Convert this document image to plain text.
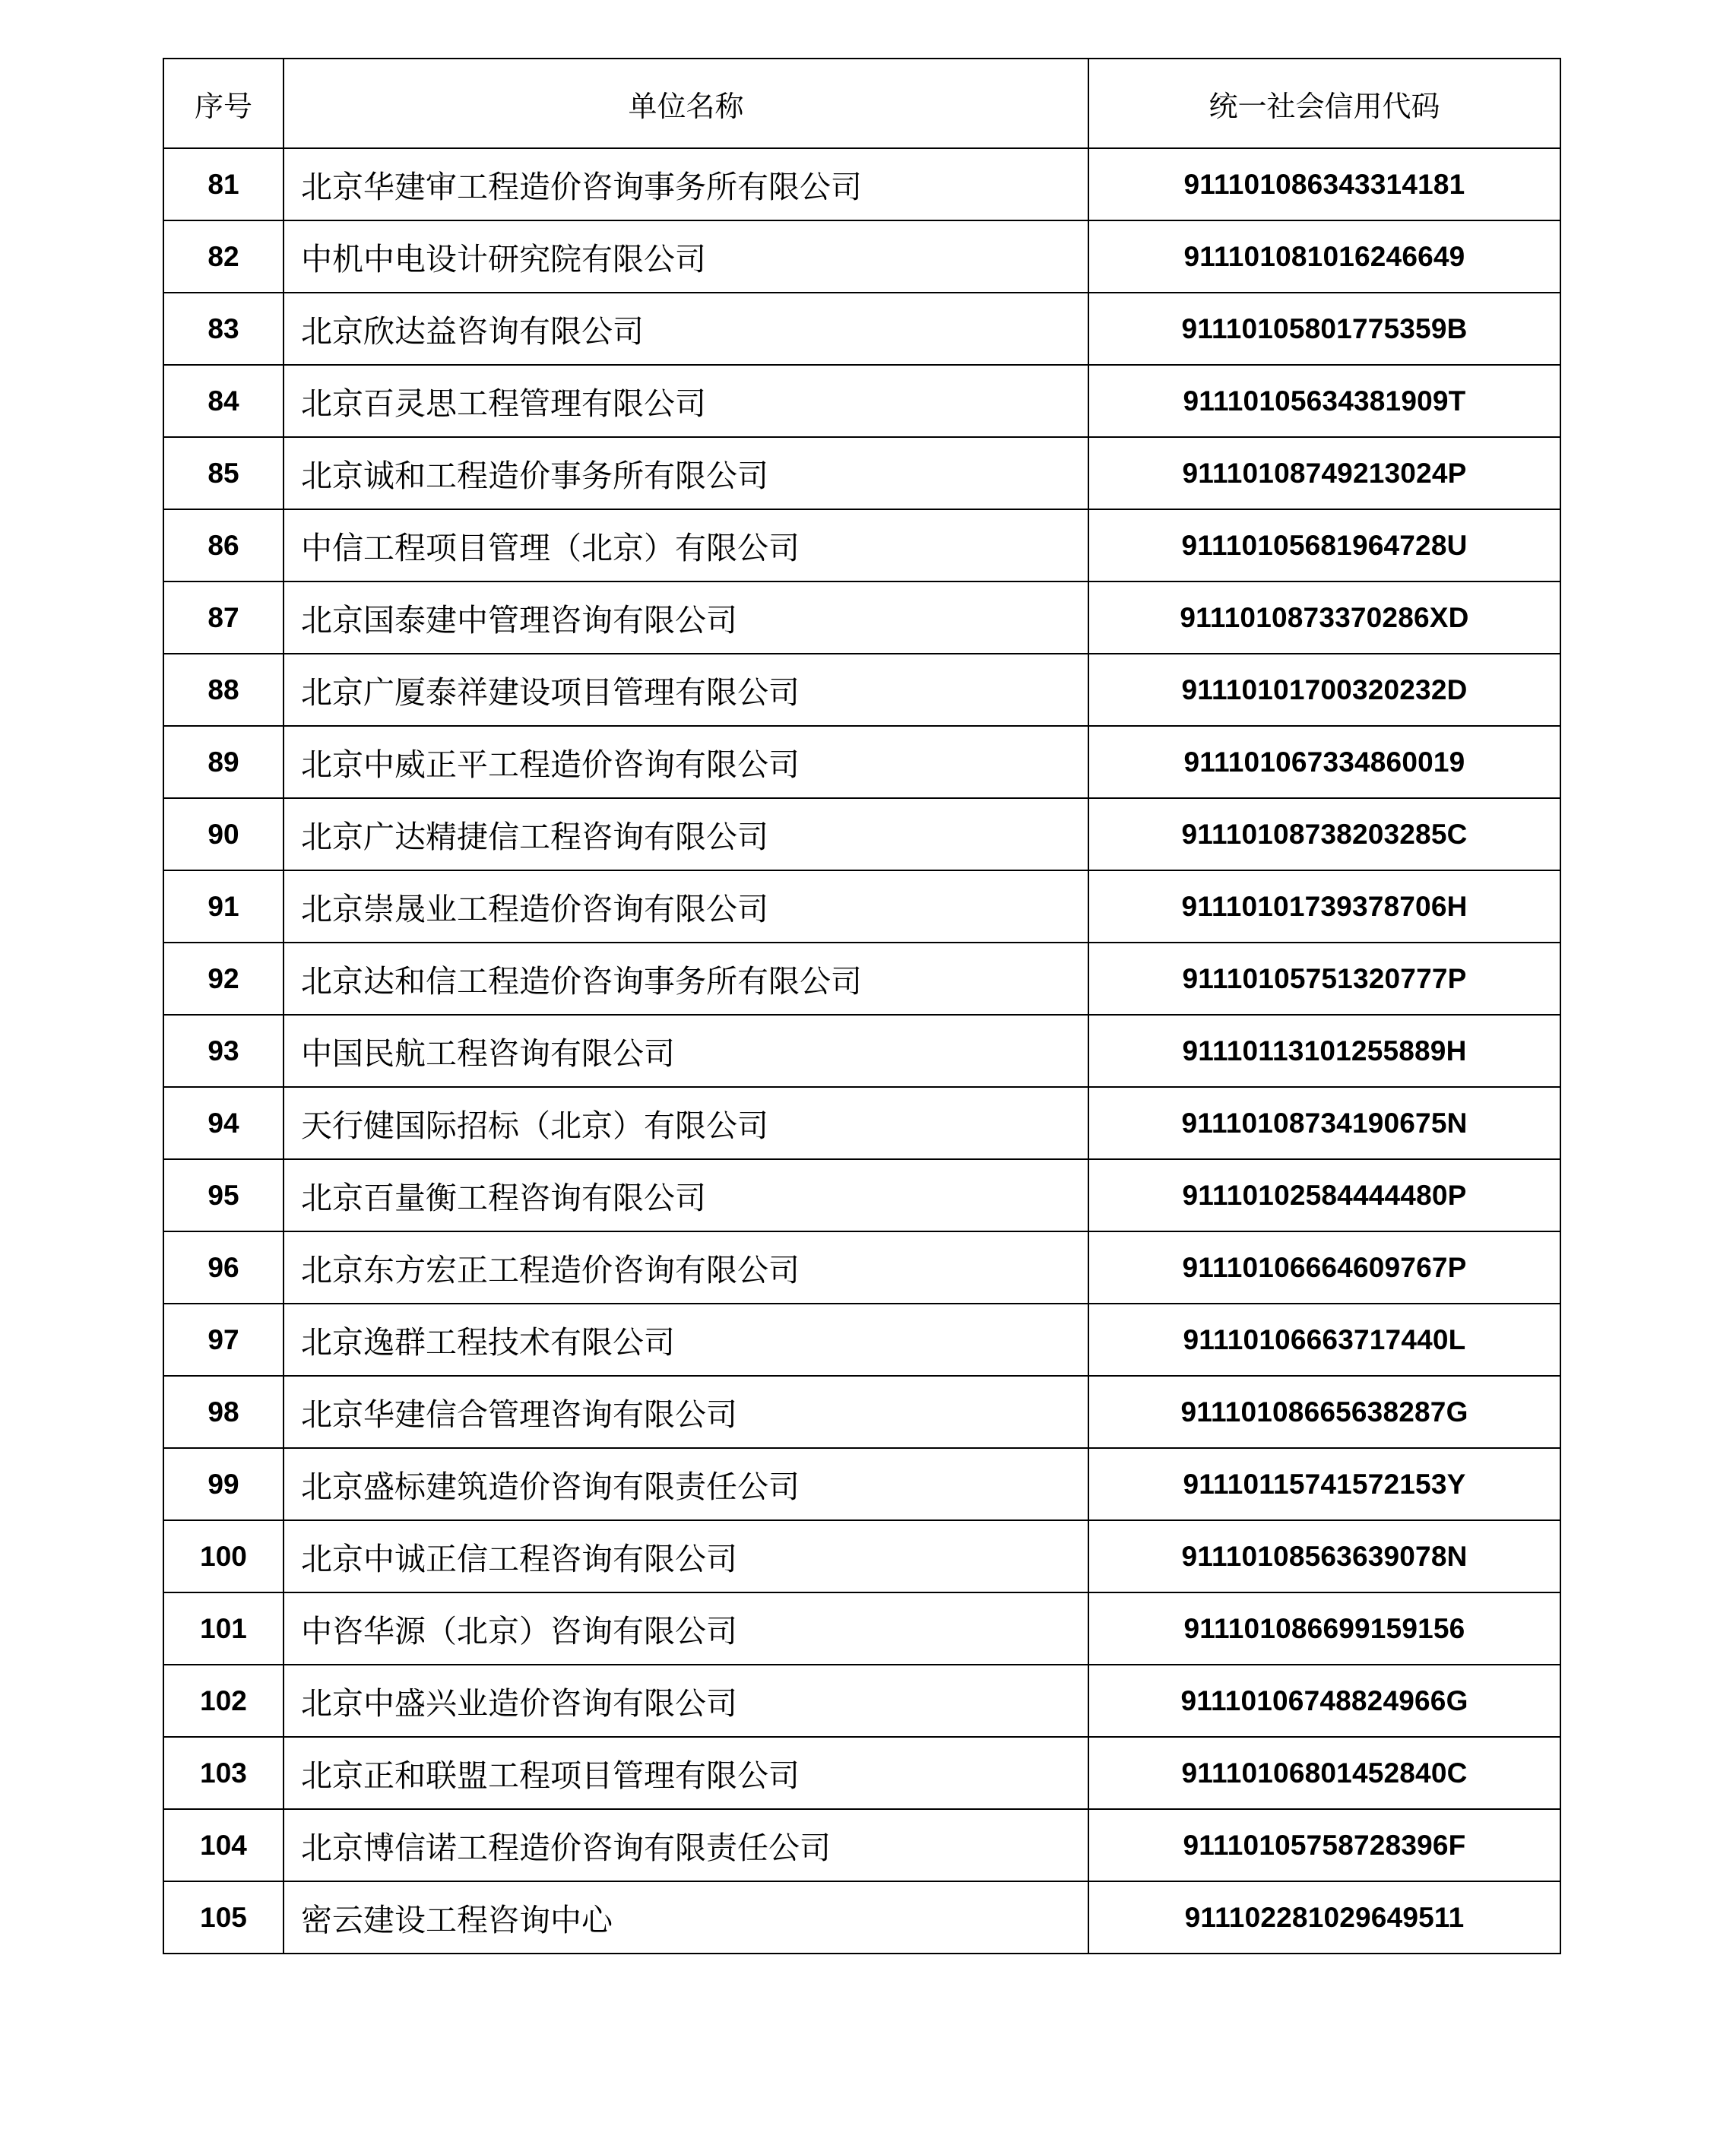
序号	单位名称	统一社会信用代码
81	北京华建审工程造价咨询事务所有限公司	911101086343314181
82	中机中电设计研究院有限公司	911101081016246649
83	北京欣达益咨询有限公司	91110105801775359B
84	北京百灵思工程管理有限公司	91110105634381909T
85	北京诚和工程造价事务所有限公司	91110108749213024P
86	中信工程项目管理（北京）有限公司	91110105681964728U
87	北京国泰建中管理咨询有限公司	9111010873370286XD
88	北京广厦泰祥建设项目管理有限公司	91110101700320232D
89	北京中威正平工程造价咨询有限公司	911101067334860019
90	北京广达精捷信工程咨询有限公司	91110108738203285C
91	北京崇晟业工程造价咨询有限公司	91110101739378706H
92	北京达和信工程造价咨询事务所有限公司	91110105751320777P
93	中国民航工程咨询有限公司	91110113101255889H
94	天行健国际招标（北京）有限公司	91110108734190675N
95	北京百量衡工程咨询有限公司	91110102584444480P
96	北京东方宏正工程造价咨询有限公司	91110106664609767P
97	北京逸群工程技术有限公司	91110106663717440L
98	北京华建信合管理咨询有限公司	91110108665638287G
99	北京盛标建筑造价咨询有限责任公司	91110115741572153Y
100	北京中诚正信工程咨询有限公司	91110108563639078N
101	中咨华源（北京）咨询有限公司	911101086699159156
102	北京中盛兴业造价咨询有限公司	91110106748824966G
103	北京正和联盟工程项目管理有限公司	91110106801452840C
104	北京博信诺工程造价咨询有限责任公司	91110105758728396F
105	密云建设工程咨询中心	911102281029649511
